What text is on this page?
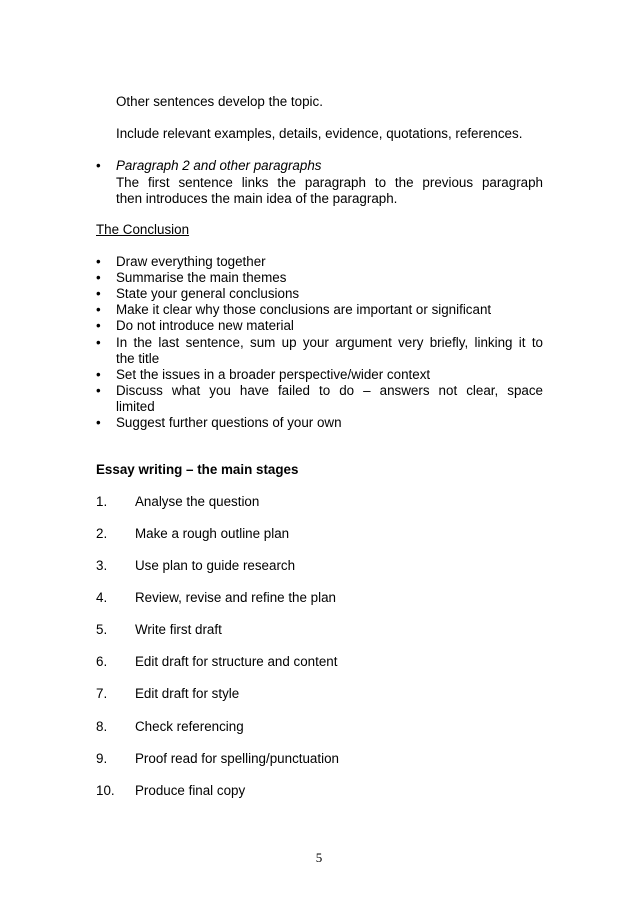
Other sentences develop the topic.
Include relevant examples, details, evidence, quotations, references.
• Paragraph 2 and other paragraphs
The first sentence links the paragraph to the previous paragraph
then introduces the main idea of the paragraph.
The Conclusion
• Draw everything together
• Summarise the main themes
• State your general conclusions
• Make it clear why those conclusions are important or significant
• Do not introduce new material
• In the last sentence, sum up your argument very briefly, linking it to
the title
• Set the issues in a broader perspective/wider context
• Discuss what you have failed to do – answers not clear, space
limited
• Suggest further questions of your own
Essay writing – the main stages
1. Analyse the question
2. Make a rough outline plan
3. Use plan to guide research
4. Review, revise and refine the plan
5. Write first draft
6. Edit draft for structure and content
7. Edit draft for style
8. Check referencing
9. Proof read for spelling/punctuation
10. Produce final copy
5
